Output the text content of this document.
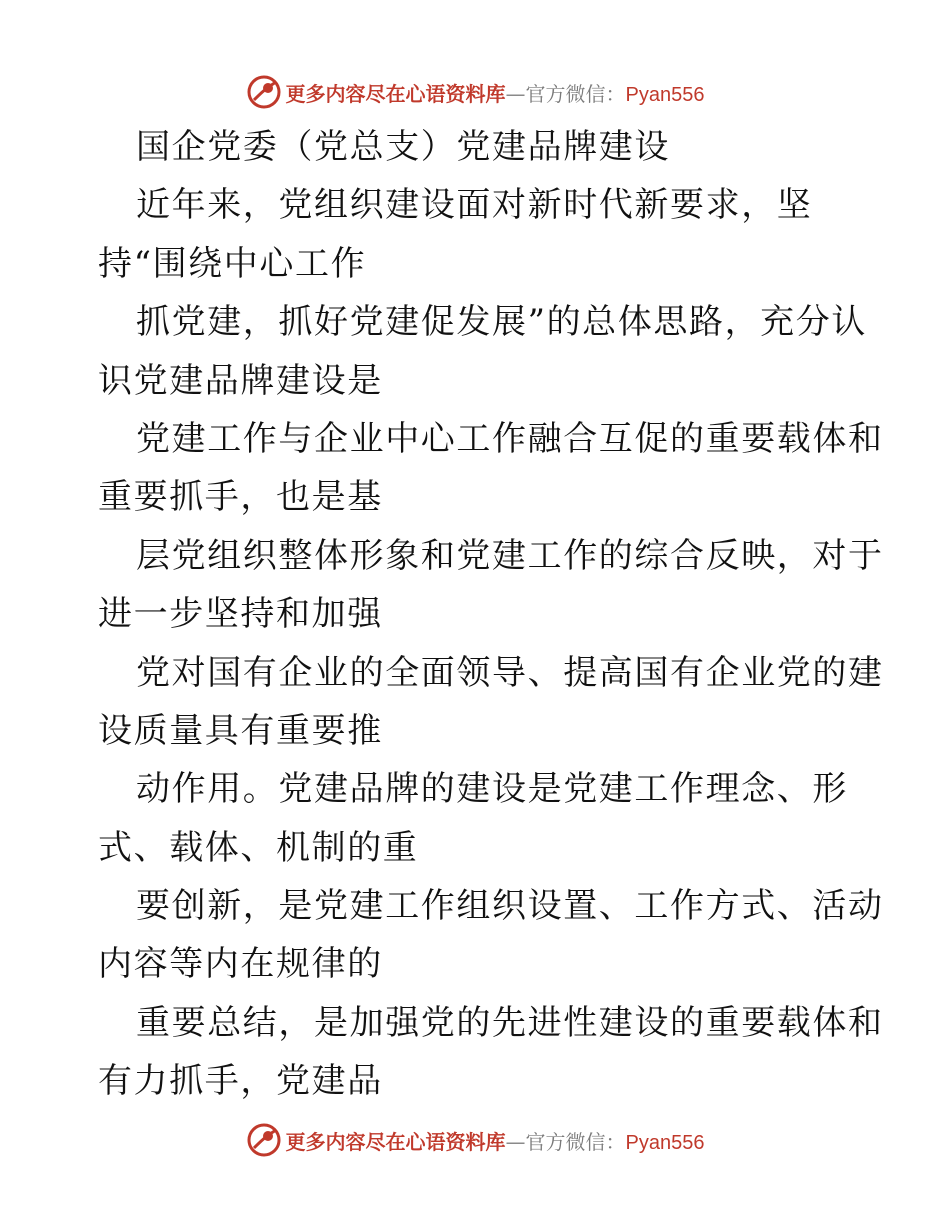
更多内容尽在心语资料库—官方微信：Pyan556
国企党委（党总支）党建品牌建设
近年来，党组织建设面对新时代新要求，坚
持“围绕中心工作
抓党建，抓好党建促发展”的总体思路，充分认
识党建品牌建设是
党建工作与企业中心工作融合互促的重要载体和
重要抓手，也是基
层党组织整体形象和党建工作的综合反映，对于
进一步坚持和加强
党对国有企业的全面领导、提高国有企业党的建
设质量具有重要推
动作用。党建品牌的建设是党建工作理念、形
式、载体、机制的重
要创新，是党建工作组织设置、工作方式、活动
内容等内在规律的
重要总结，是加强党的先进性建设的重要载体和
有力抓手，党建品
更多内容尽在心语资料库—官方微信：Pyan556
